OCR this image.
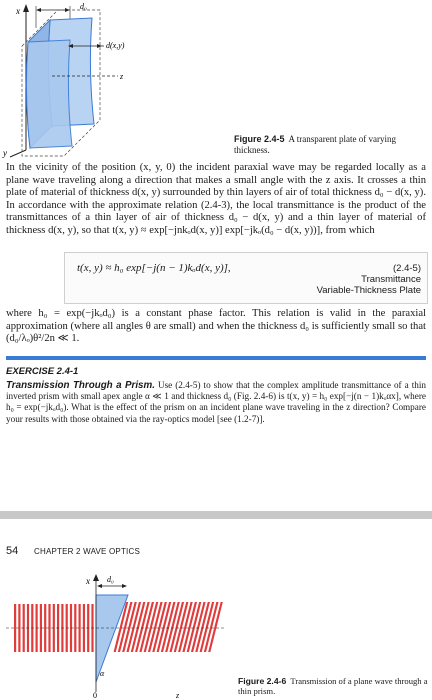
x	d₀
d(x,y)
z
y
Figure 2.4-5 A transparent plate of varying thickness.
In the vicinity of the position (x, y, 0) the incident paraxial wave may be regarded locally as a plane wave traveling along a direction that makes a small angle with the z axis. It crosses a thin plate of material of thickness d(x, y) surrounded by thin layers of air of total thickness d₀ − d(x, y). In accordance with the approximate relation (2.4-3), the local transmittance is the product of the transmittances of a thin layer of air of thickness d₀ − d(x, y) and a thin layer of material of thickness d(x, y), so that t(x, y) ≈ exp[−jnkₒd(x, y)] exp[−jkₒ(d₀ − d(x, y))], from which
t(x, y) ≈ h₀ exp[−j(n − 1)kₒd(x, y)],	(2.4-5)
Transmittance
Variable-Thickness Plate
where h₀ = exp(−jkₒd₀) is a constant phase factor. This relation is valid in the paraxial approximation (where all angles θ are small) and when the thickness d₀ is sufficiently small so that (d₀/λₒ)θ²/2n ≪ 1.
EXERCISE 2.4-1
Transmission Through a Prism. Use (2.4-5) to show that the complex amplitude transmittance of a thin inverted prism with small apex angle α ≪ 1 and thickness d₀ (Fig. 2.4-6) is t(x, y) = h₀ exp[−j(n − 1)kₒαx], where h₀ = exp(−jkₒd₀). What is the effect of the prism on an incident plane wave traveling in the z direction? Compare your results with those obtained via the ray-optics model [see (1.2-7)].
54 CHAPTER 2 WAVE OPTICS
x d₀
α
0	z
Figure 2.4-6 Transmission of a plane wave through a thin prism.
